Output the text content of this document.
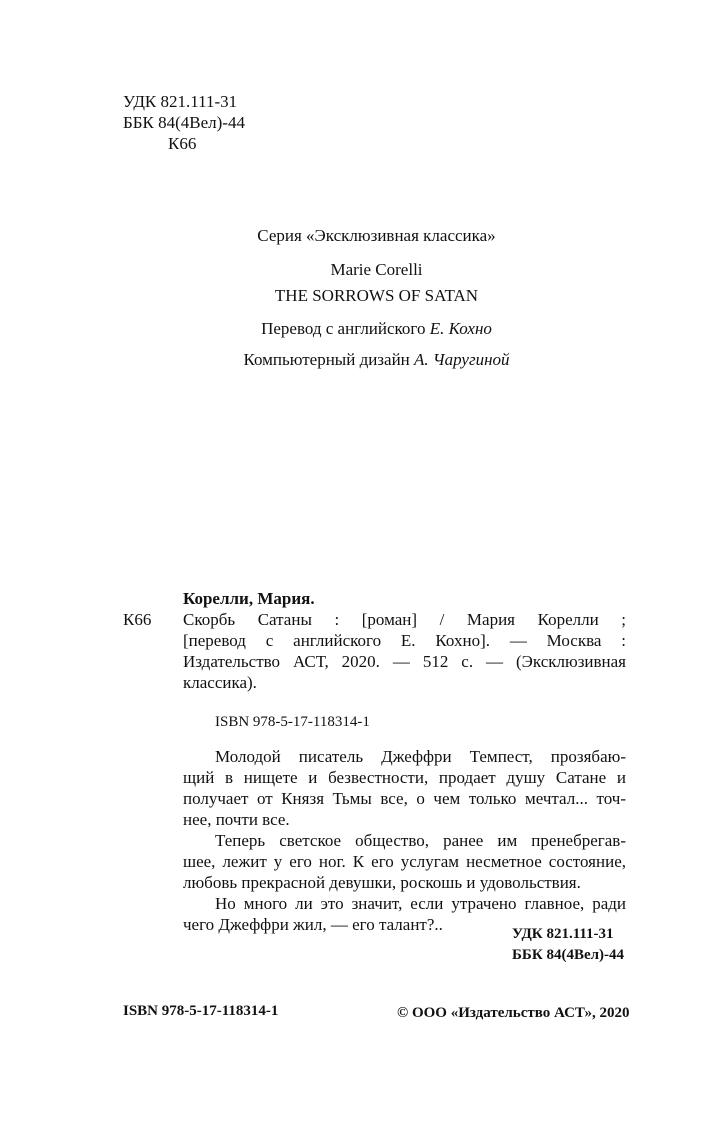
УДК 821.111-31
ББК 84(4Вел)-44
К66
Серия «Эксклюзивная классика»
Marie Corelli
THE SORROWS OF SATAN
Перевод с английского Е. Кохно
Компьютерный дизайн А. Чаругиной
Корелли, Мария.
К66 Скорбь Сатаны : [роман] / Мария Корелли ;
[перевод с английского Е. Кохно]. — Москва :
Издательство АСТ, 2020. — 512 с. — (Эксклюзивная
классика).
ISBN 978-5-17-118314-1
Молодой писатель Джеффри Темпест, прозябаю-
щий в нищете и безвестности, продает душу Сатане и
получает от Князя Тьмы все, о чем только мечтал... точ-
нее, почти все.
Теперь светское общество, ранее им пренебрегав-
шее, лежит у его ног. К его услугам несметное состояние,
любовь прекрасной девушки, роскошь и удовольствия.
Но много ли это значит, если утрачено главное, ради
чего Джеффри жил, — его талант?..	УДК 821.111-31
ББК 84(4Вел)-44
ISBN 978-5-17-118314-1	© ООО «Издательство АСТ», 2020
